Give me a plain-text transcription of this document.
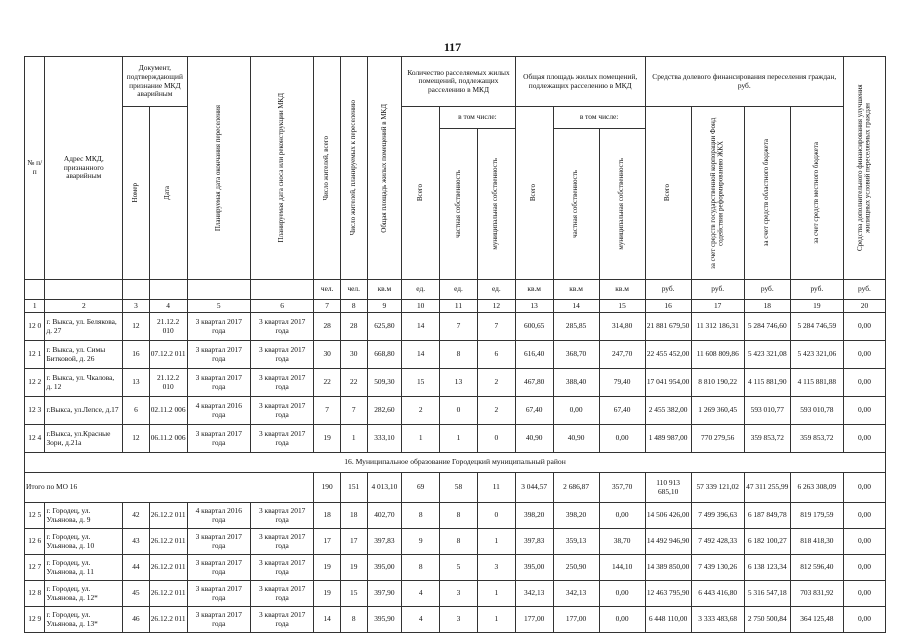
117
№ п/п	Адрес МКД, признанного аварийным	Документ, подтверждающий признание МКД аварийным		Планируемая дата окончания переселения	Планируемая дата сноса или реконструкции МКД	Число жителей, всего	Число жителей, планируемых к переселению	Общая площадь жилых помещений в МКД	Количество расселяемых жилых помещений, подлежащих расселению в МКД			Общая площадь жилых помещений, подлежащих расселению в МКД			Средства долевого финансирования переселения граждан, руб.				Средства дополнительного финансирования улучшения жилищных условий переселяемых граждан

		Номер	Дата						Всего	в том числе:		Всего	в том числе:		Всего	за счет средств государственной корпорации Фонд содействия реформированию ЖКХ	за счет средств областного бюджета	за счет средств местного бюджета	

										частная собственность	муниципальная собственность		частная собственность	муниципальная собственность					

						чел.	чел.	кв.м	ед.	ед.	ед.	кв.м	кв.м	кв.м	руб.	руб.	руб.	руб.	руб.
1	2	3	4	5	6	7	8	9	10	11	12	13	14	15	16	17	18	19	20
12 0	г. Выкса, ул. Белякова, д. 27	12	21.12.2 010	3 квартал 2017 года	3 квартал 2017 года	28	28	625,80	14	7	7	600,65	285,85	314,80	21 881 679,50	11 312 186,31	5 284 746,60	5 284 746,59	0,00
12 1	г. Выкса, ул. Симы Битковой, д. 26	16	07.12.2 011	3 квартал 2017 года	3 квартал 2017 года	30	30	668,80	14	8	6	616,40	368,70	247,70	22 455 452,00	11 608 809,86	5 423 321,08	5 423 321,06	0,00
12 2	г. Выкса, ул. Чкалова, д. 12	13	21.12.2 010	3 квартал 2017 года	3 квартал 2017 года	22	22	509,30	15	13	2	467,80	388,40	79,40	17 041 954,00	8 810 190,22	4 115 881,90	4 115 881,88	0,00
12 3	г.Выкса, ул.Лепсе, д.17	6	02.11.2 006	4 квартал 2016 года	3 квартал 2017 года	7	7	282,60	2	0	2	67,40	0,00	67,40	2 455 382,00	1 269 360,45	593 010,77	593 010,78	0,00
12 4	г.Выкса, ул.Красные Зори, д.21а	12	06.11.2 006	3 квартал 2017 года	3 квартал 2017 года	19	1	333,10	1	1	0	40,90	40,90	0,00	1 489 987,00	770 279,56	359 853,72	359 853,72	0,00
16. Муниципальное образование Городецкий муниципальный район																			
Итого по МО 16						190	151	4 013,10	69	58	11	3 044,57	2 686,87	357,70	110 913 685,10	57 339 121,02	47 311 255,99	6 263 308,09	0,00
12 5	г. Городец, ул. Ульянова, д. 9	42	26.12.2 011	4 квартал 2016 года	3 квартал 2017 года	18	18	402,70	8	8	0	398,20	398,20	0,00	14 506 426,00	7 499 396,63	6 187 849,78	819 179,59	0,00
12 6	г. Городец, ул. Ульянова, д. 10	43	26.12.2 011	3 квартал 2017 года	3 квартал 2017 года	17	17	397,83	9	8	1	397,83	359,13	38,70	14 492 946,90	7 492 428,33	6 182 100,27	818 418,30	0,00
12 7	г. Городец, ул. Ульянова, д. 11	44	26.12.2 011	3 квартал 2017 года	3 квартал 2017 года	19	19	395,00	8	5	3	395,00	250,90	144,10	14 389 850,00	7 439 130,26	6 138 123,34	812 596,40	0,00
12 8	г. Городец, ул. Ульянова, д. 12*	45	26.12.2 011	3 квартал 2017 года	3 квартал 2017 года	19	15	397,90	4	3	1	342,13	342,13	0,00	12 463 795,90	6 443 416,80	5 316 547,18	703 831,92	0,00
12 9	г. Городец, ул. Ульянова, д. 13*	46	26.12.2 011	3 квартал 2017 года	3 квартал 2017 года	14	8	395,90	4	3	1	177,00	177,00	0,00	6 448 110,00	3 333 483,68	2 750 500,84	364 125,48	0,00
